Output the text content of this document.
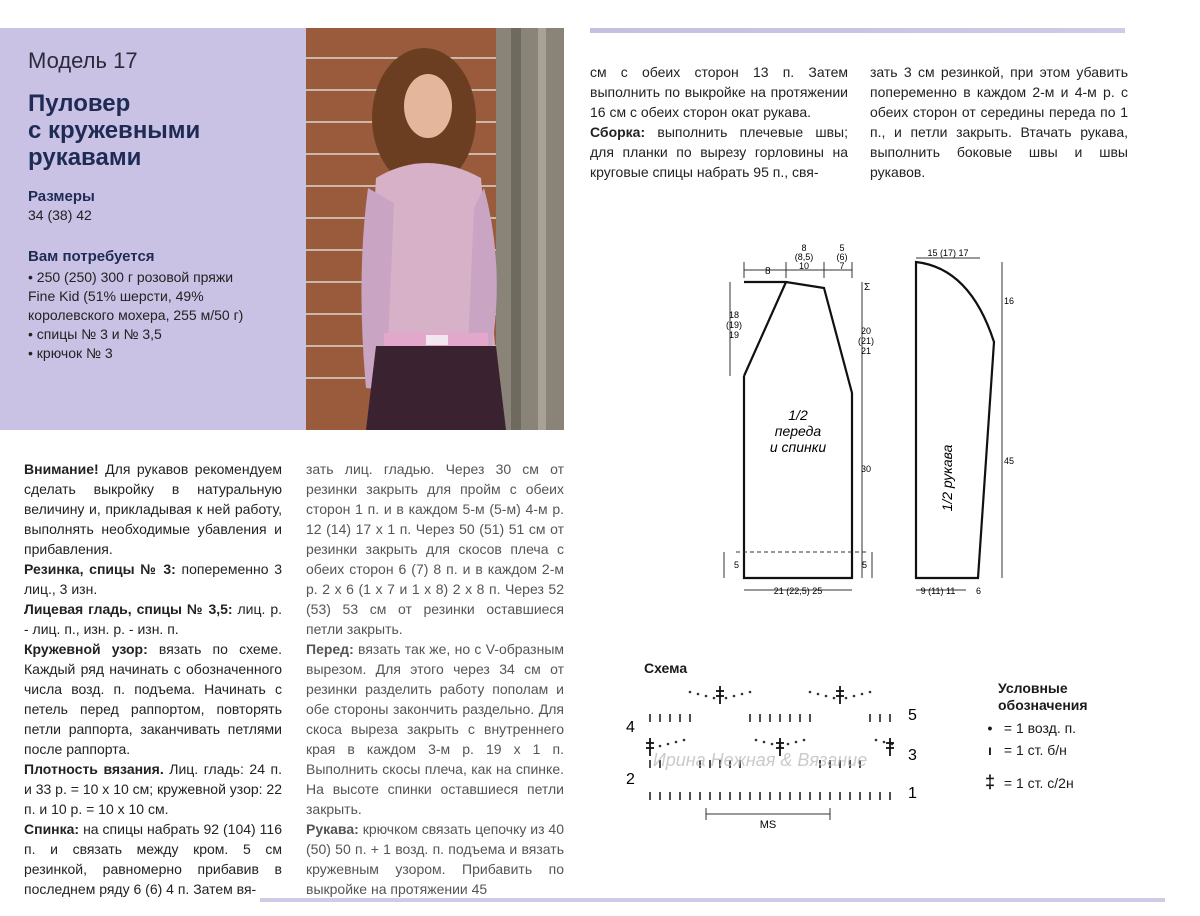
Модель 17
Пуловер
с кружевными
рукавами
Размеры
34 (38) 42
Вам потребуется
• 250 (250) 300 г розовой пряжи
Fine Kid (51% шерсти, 49%
королевского мохера, 255 м/50 г)
• спицы № 3 и № 3,5
• крючок № 3

Внимание! Для рукавов рекомендуем сделать выкройку в натуральную величину и, прикладывая к ней работу, выполнять необходимые убавления и прибавления.

Резинка, спицы № 3: попеременно 3 лиц., 3 изн.

Лицевая гладь, спицы № 3,5: лиц. р. - лиц. п., изн. р. - изн. п.

Кружевной узор: вязать по схеме. Каждый ряд начинать с обозначенного числа возд. п. подъема. Начинать с петель перед раппортом, повторять петли раппорта, заканчивать петлями после раппорта.

Плотность вязания. Лиц. гладь: 24 п. и 33 р. = 10 х 10 см; кружевной узор: 22 п. и 10 р. = 10 х 10 см.

Спинка: на спицы набрать 92 (104) 116 п. и связать между кром. 5 см резинкой, равномерно прибавив в последнем ряду 6 (6) 4 п. Затем вя-

зать лиц. гладью. Через 30 см от резинки закрыть для пройм с обеих сторон 1 п. и в каждом 5-м (5-м) 4-м р. 12 (14) 17 х 1 п. Через 50 (51) 51 см от резинки закрыть для скосов плеча с обеих сторон 6 (7) 8 п. и в каждом 2-м р. 2 х 6 (1 х 7 и 1 х 8) 2 х 8 п. Через 52 (53) 53 см от резинки оставшиеся петли закрыть.

Перед: вязать так же, но с V-образным вырезом. Для этого через 34 см от резинки разделить работу пополам и обе стороны закончить раздельно. Для скоса выреза закрыть с внутреннего края в каждом 3-м р. 19 х 1 п. Выполнить скосы плеча, как на спинке. На высоте спинки оставшиеся петли закрыть.

Рукава: крючком связать цепочку из 40 (50) 50 п. + 1 возд. п. подъема и вязать кружевным узором. Прибавить по выкройке на протяжении 45

см с обеих сторон 13 п. Затем выполнить по выкройке на протяжении 16 см с обеих сторон окат рукава.

Сборка: выполнить плечевые швы; для планки по вырезу горловины на круговые спицы набрать 95 п., свя-

зать 3 см резинкой, при этом убавить попеременно в каждом 2-м и 4-м р. с обеих сторон от середины переда по 1 п., и петли закрыть. Втачать рукава, выполнить боковые швы и швы рукавов.

8
8 (8,5) 10
5 (6) 7
Σ
18 (19) 19	20 (21) 21
30
5	5
21 (22,5) 25
1/2 переда и спинки
15 (17) 17
16
45
9 (11) 11 6
1/2 рукава
Схема
4
2
5
3
1
MS
Ирина Нежная & Вязание
Условные
обозначения
• = 1 возд. п.
ı = 1 ст. б/н
‡ = 1 ст. с/2н
